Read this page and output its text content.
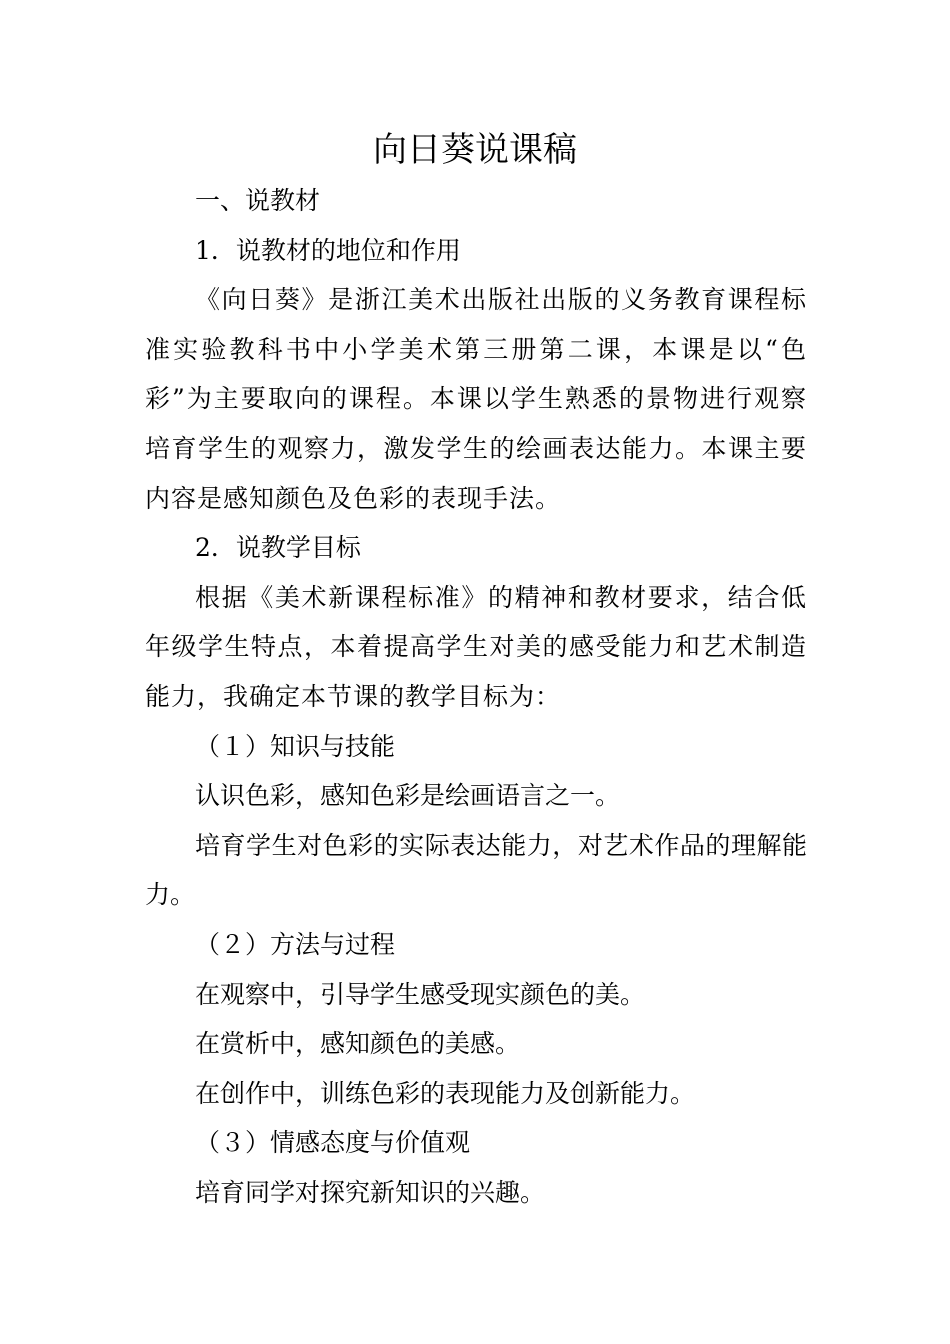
向日葵说课稿

一、说教材

1．说教材的地位和作用

《向日葵》是浙江美术出版社出版的义务教育课程标准实验教科书中小学美术第三册第二课，本课是以“色彩”为主要取向的课程。本课以学生熟悉的景物进行观察培育学生的观察力，激发学生的绘画表达能力。本课主要内容是感知颜色及色彩的表现手法。

2．说教学目标

根据《美术新课程标准》的精神和教材要求，结合低年级学生特点，本着提高学生对美的感受能力和艺术制造能力，我确定本节课的教学目标为：

（１）知识与技能

认识色彩，感知色彩是绘画语言之一。

培育学生对色彩的实际表达能力，对艺术作品的理解能力。

（２）方法与过程

在观察中，引导学生感受现实颜色的美。

在赏析中，感知颜色的美感。

在创作中，训练色彩的表现能力及创新能力。

（３）情感态度与价值观

培育同学对探究新知识的兴趣。
